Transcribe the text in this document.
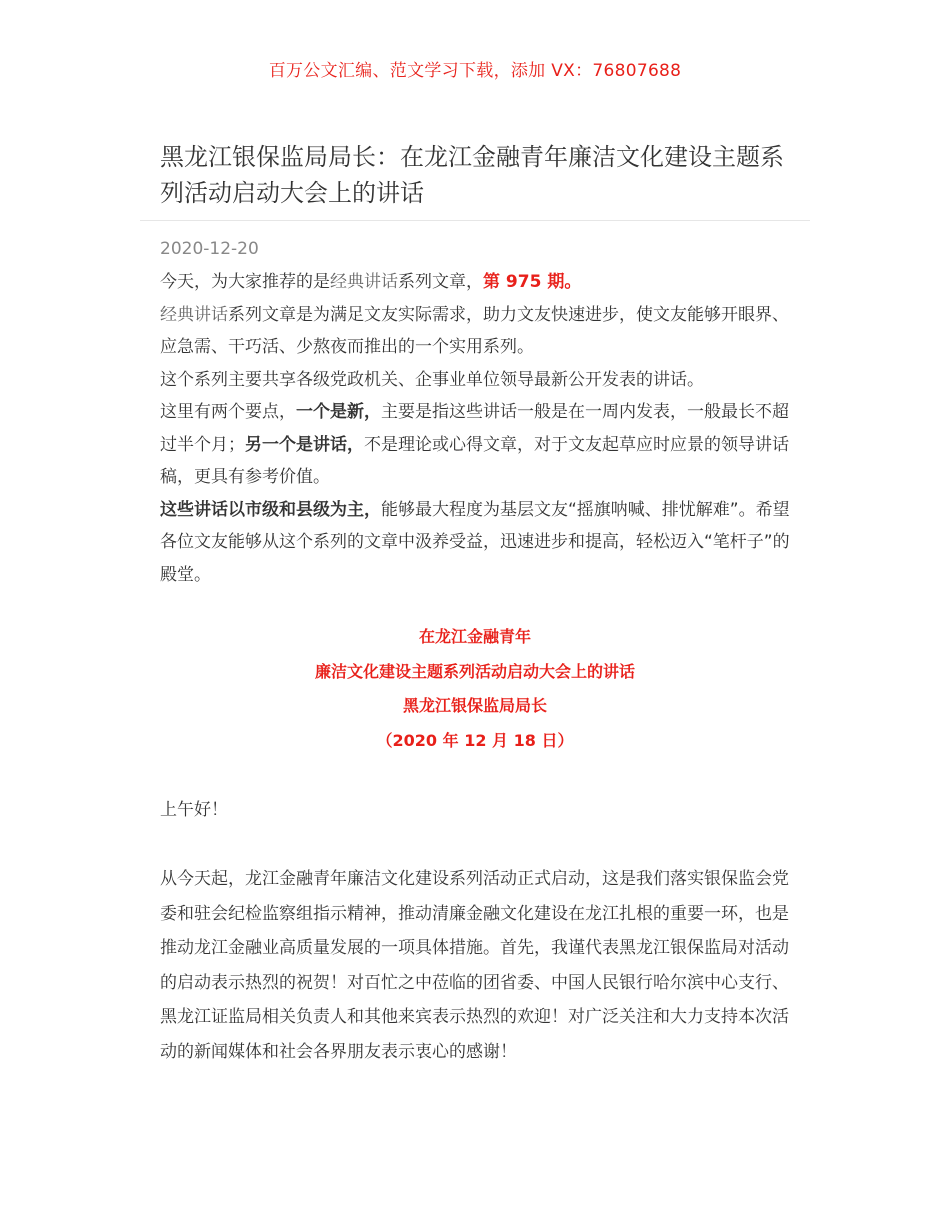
百万公文汇编、范文学习下载，添加 VX：76807688
黑龙江银保监局局长：在龙江金融青年廉洁文化建设主题系列活动启动大会上的讲话
2020-12-20

今天，为大家推荐的是经典讲话系列文章，第 975 期。

经典讲话系列文章是为满足文友实际需求，助力文友快速进步，使文友能够开眼界、应急需、干巧活、少熬夜而推出的一个实用系列。

这个系列主要共享各级党政机关、企事业单位领导最新公开发表的讲话。

这里有两个要点，一个是新，主要是指这些讲话一般是在一周内发表，一般最长不超过半个月；另一个是讲话，不是理论或心得文章，对于文友起草应时应景的领导讲话稿，更具有参考价值。

这些讲话以市级和县级为主，能够最大程度为基层文友“摇旗呐喊、排忧解难”。希望各位文友能够从这个系列的文章中汲养受益，迅速进步和提高，轻松迈入“笔杆子”的殿堂。

在龙江金融青年
廉洁文化建设主题系列活动启动大会上的讲话
黑龙江银保监局局长
（2020 年 12 月 18 日）
上午好！

从今天起，龙江金融青年廉洁文化建设系列活动正式启动，这是我们落实银保监会党委和驻会纪检监察组指示精神，推动清廉金融文化建设在龙江扎根的重要一环，也是推动龙江金融业高质量发展的一项具体措施。首先，我谨代表黑龙江银保监局对活动的启动表示热烈的祝贺！对百忙之中莅临的团省委、中国人民银行哈尔滨中心支行、黑龙江证监局相关负责人和其他来宾表示热烈的欢迎！对广泛关注和大力支持本次活动的新闻媒体和社会各界朋友表示衷心的感谢！
